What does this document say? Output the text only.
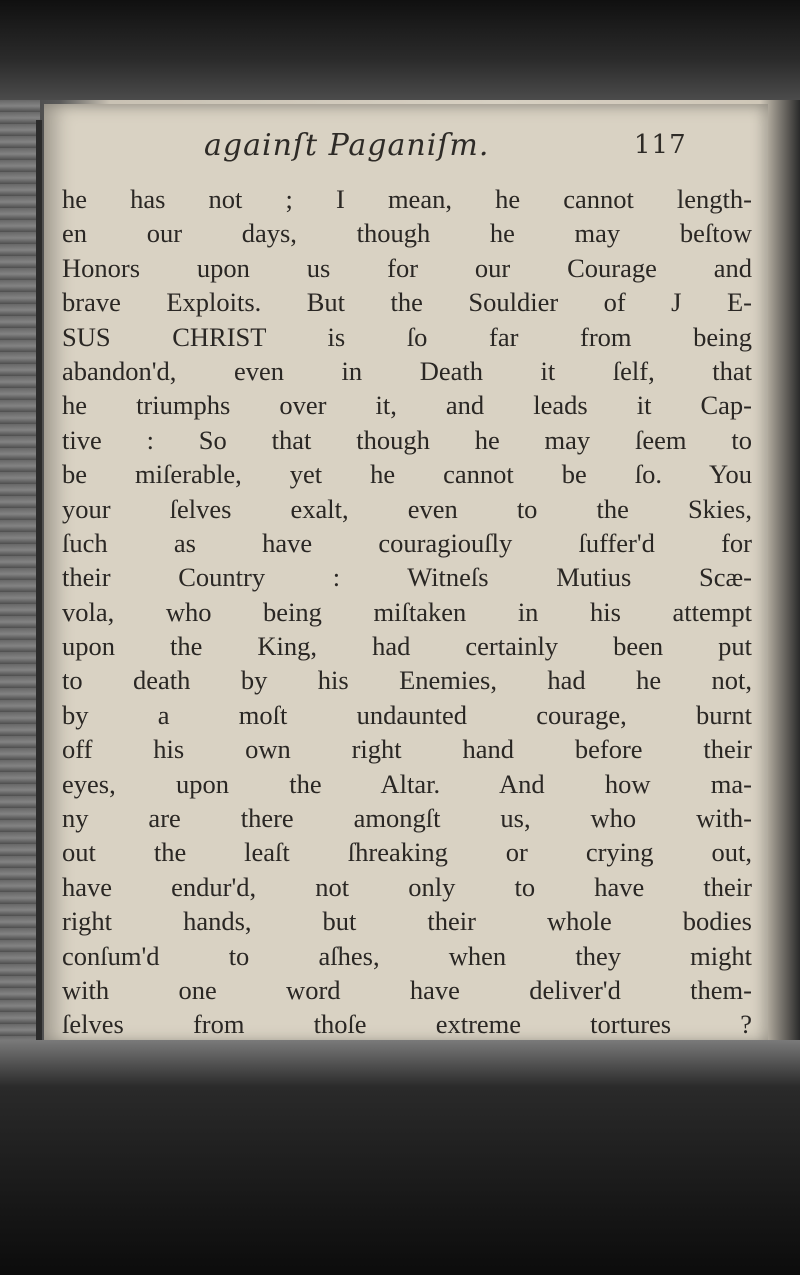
againſt Paganiſm.	117
he has not ; I mean, he cannot length-
en our days, though he may beſtow
Honors upon us for our Courage and
brave Exploits. But the Souldier of J E-
SUS CHRIST is ſo far from being
abandon'd, even in Death it ſelf, that
he triumphs over it, and leads it Cap-
tive : So that though he may ſeem to
be miſerable, yet he cannot be ſo. You
your ſelves exalt, even to the Skies,
ſuch as have couragiouſly ſuffer'd for
their Country : Witneſs Mutius Scæ-
vola, who being miſtaken in his attempt
upon the King, had certainly been put
to death by his Enemies, had he not,
by a moſt undaunted courage, burnt
off his own right hand before their
eyes, upon the Altar. And how ma-
ny are there amongſt us, who with-
out the leaſt ſhreaking or crying out,
have endur'd, not only to have their
right hands, but their whole bodies
conſum'd to aſhes, when they might
with one word have deliver'd them-
ſelves from thoſe extreme tortures ?
